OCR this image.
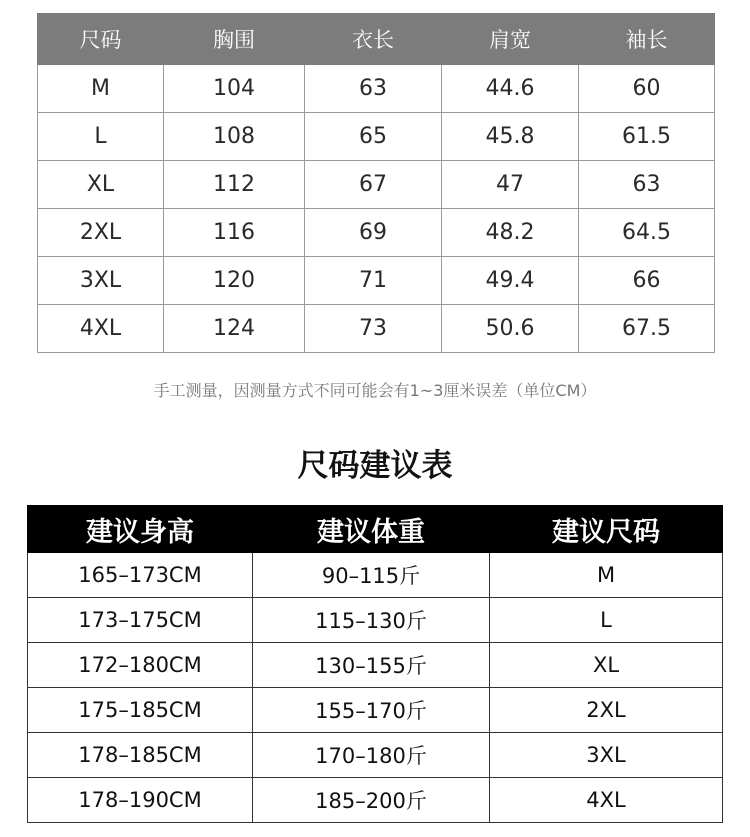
尺码	胸围	衣长	肩宽	袖长
M	104	63	44.6	60
L	108	65	45.8	61.5
XL	112	67	47	63
2XL	116	69	48.2	64.5
3XL	120	71	49.4	66
4XL	124	73	50.6	67.5
手工测量，因测量方式不同可能会有1~3厘米误差（单位CM）
尺码建议表
建议身高	建议体重	建议尺码
165–173CM	90–115斤	M
173–175CM	115–130斤	L
172–180CM	130–155斤	XL
175–185CM	155–170斤	2XL
178–185CM	170–180斤	3XL
178–190CM	185–200斤	4XL
